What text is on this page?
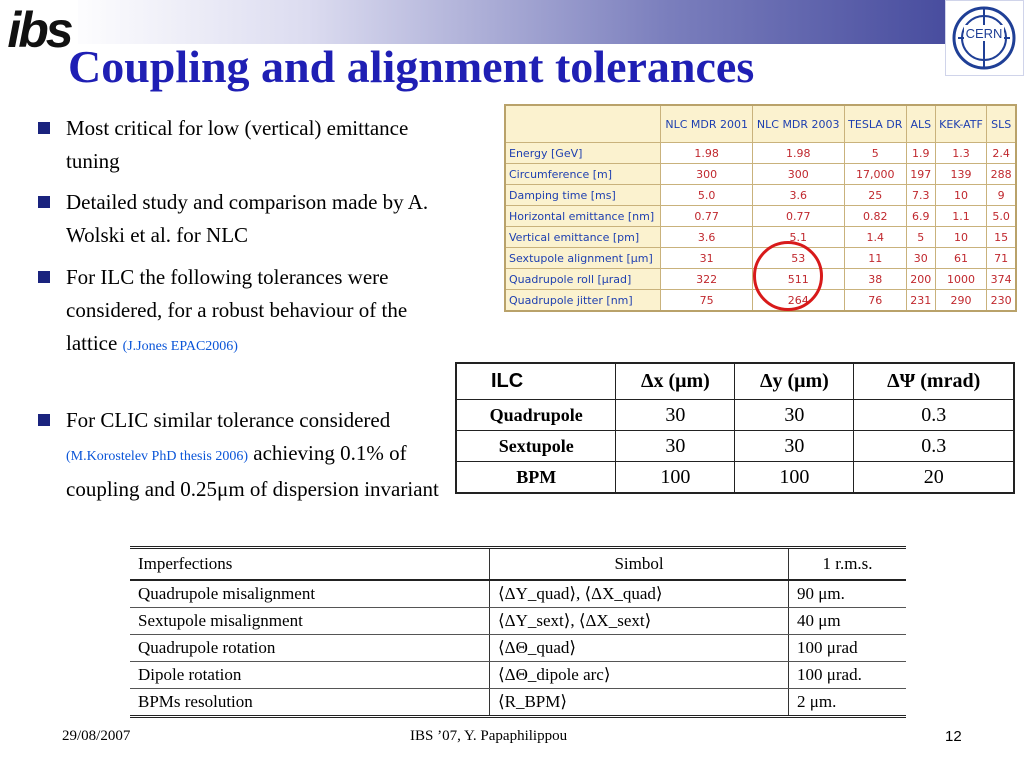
ibs	CERN
Coupling and alignment tolerances
Most critical for low (vertical) emittance tuning
Detailed study and comparison made by A. Wolski et al. for NLC
For ILC the following tolerances were considered, for a robust behaviour of the lattice (J.Jones EPAC2006)
For CLIC similar tolerance considered (M.Korostelev PhD thesis 2006) achieving 0.1% of coupling and 0.25μm of dispersion invariant
	NLC MDR 2001	NLC MDR 2003	TESLA DR	ALS	KEK-ATF	SLS
Energy [GeV]	1.98	1.98	5	1.9	1.3	2.4
Circumference [m]	300	300	17,000	197	139	288
Damping time [ms]	5.0	3.6	25	7.3	10	9
Horizontal emittance [nm]	0.77	0.77	0.82	6.9	1.1	5.0
Vertical emittance [pm]	3.6	5.1	1.4	5	10	15
Sextupole alignment [μm]	31	53	11	30	61	71
Quadrupole roll [μrad]	322	511	38	200	1000	374
Quadrupole jitter [nm]	75	264	76	231	290	230
ILC	Δx (μm)	Δy (μm)	ΔΨ (mrad)
Quadrupole	30	30	0.3
Sextupole	30	30	0.3
BPM	100	100	20
Imperfections	Simbol	1 r.m.s.
Quadrupole misalignment	⟨ΔY_quad⟩, ⟨ΔX_quad⟩	90 μm.
Sextupole misalignment	⟨ΔY_sext⟩, ⟨ΔX_sext⟩	40 μm
Quadrupole rotation	⟨ΔΘ_quad⟩	100 μrad
Dipole rotation	⟨ΔΘ_dipole arc⟩	100 μrad.
BPMs resolution	⟨R_BPM⟩	2 μm.
29/08/2007	IBS ’07, Y. Papaphilippou	12
